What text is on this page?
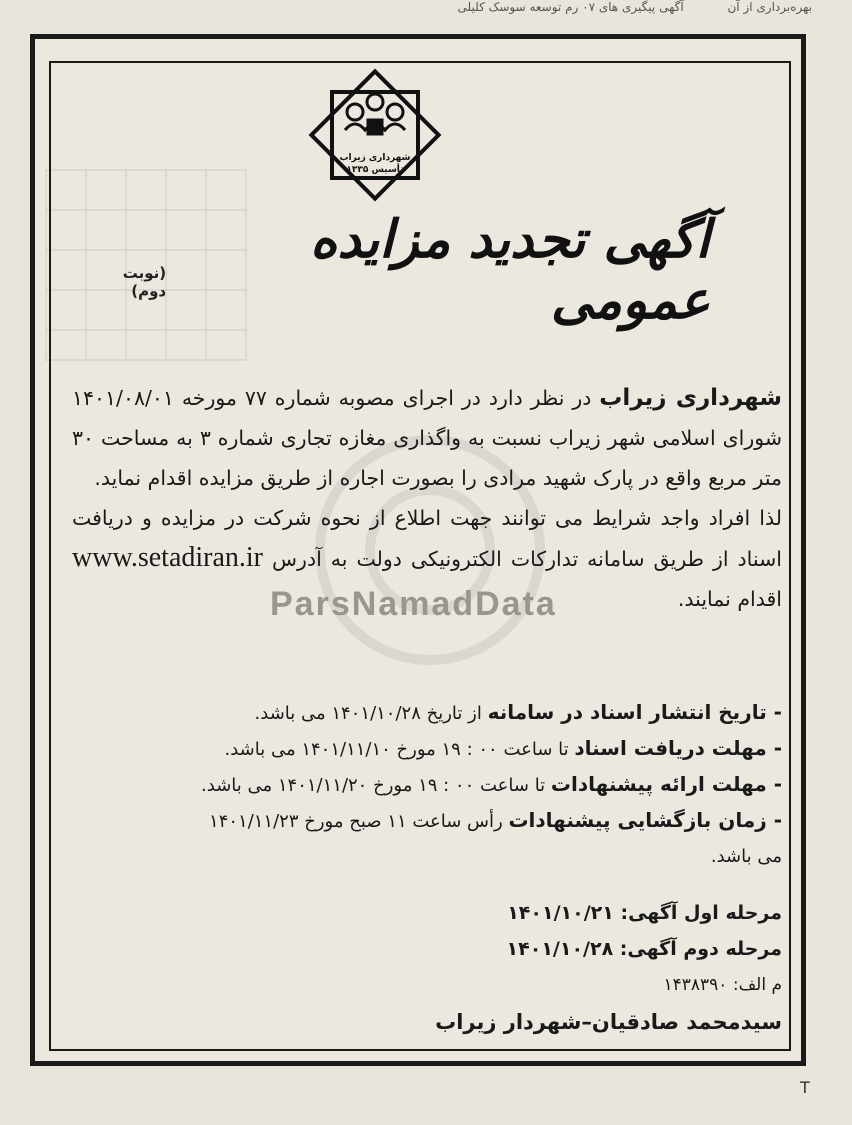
بهره‌برداری از آن آگهی پیگیری های ۰۷ رم توسعه سوسک کلیلی
شهرداری زیراب
تأسیس ۱۳۳۵
آگهی تجدید مزایده عمومی
(نوبت دوم)
ParsNamadData

شهرداری زیراب در نظر دارد در اجرای مصوبه شماره ۷۷ مورخه ۱۴۰۱/۰۸/۰۱ شورای اسلامی شهر زیراب نسبت به واگذاری مغازه تجاری شماره ۳ به مساحت ۳۰ متر مربع واقع در پارک شهید مرادی را بصورت اجاره از طریق مزایده اقدام نماید.

لذا افراد واجد شرایط می توانند جهت اطلاع از نحوه شرکت در مزایده و دریافت اسناد از طریق سامانه تدارکات الکترونیکی دولت به آدرس www.setadiran.ir اقدام نمایند.

- تاریخ انتشار اسناد در سامانه از تاریخ ۱۴۰۱/۱۰/۲۸ می باشد.
- مهلت دریافت اسناد تا ساعت ۰۰ : ۱۹ مورخ ۱۴۰۱/۱۱/۱۰ می باشد.
- مهلت ارائه پیشنهادات تا ساعت ۰۰ : ۱۹ مورخ ۱۴۰۱/۱۱/۲۰ می باشد.
- زمان بازگشایی پیشنهادات رأس ساعت ۱۱ صبح مورخ ۱۴۰۱/۱۱/۲۳
می باشد.
مرحله اول آگهی: ۱۴۰۱/۱۰/۲۱
مرحله دوم آگهی: ۱۴۰۱/۱۰/۲۸
م الف: ۱۴۳۸۳۹۰
سیدمحمد صادقیان–شهردار زیراب
T
